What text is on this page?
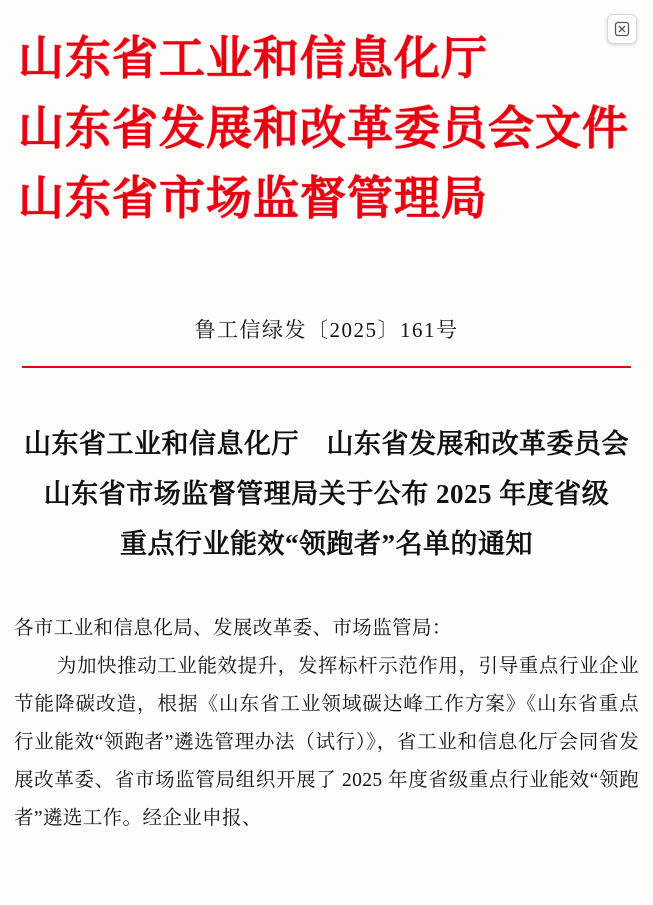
山东省工业和信息化厅
山东省发展和改革委员会文件
山东省市场监督管理局
鲁工信绿发〔2025〕161号
山东省工业和信息化厅　山东省发展和改革委员会
山东省市场监督管理局关于公布 2025 年度省级
重点行业能效“领跑者”名单的通知

各市工业和信息化局、发展改革委、市场监管局：

为加快推动工业能效提升，发挥标杆示范作用，引导重点行业企业节能降碳改造，根据《山东省工业领域碳达峰工作方案》《山东省重点行业能效“领跑者”遴选管理办法（试行）》，省工业和信息化厅会同省发展改革委、省市场监管局组织开展了 2025 年度省级重点行业能效“领跑者”遴选工作。经企业申报、
